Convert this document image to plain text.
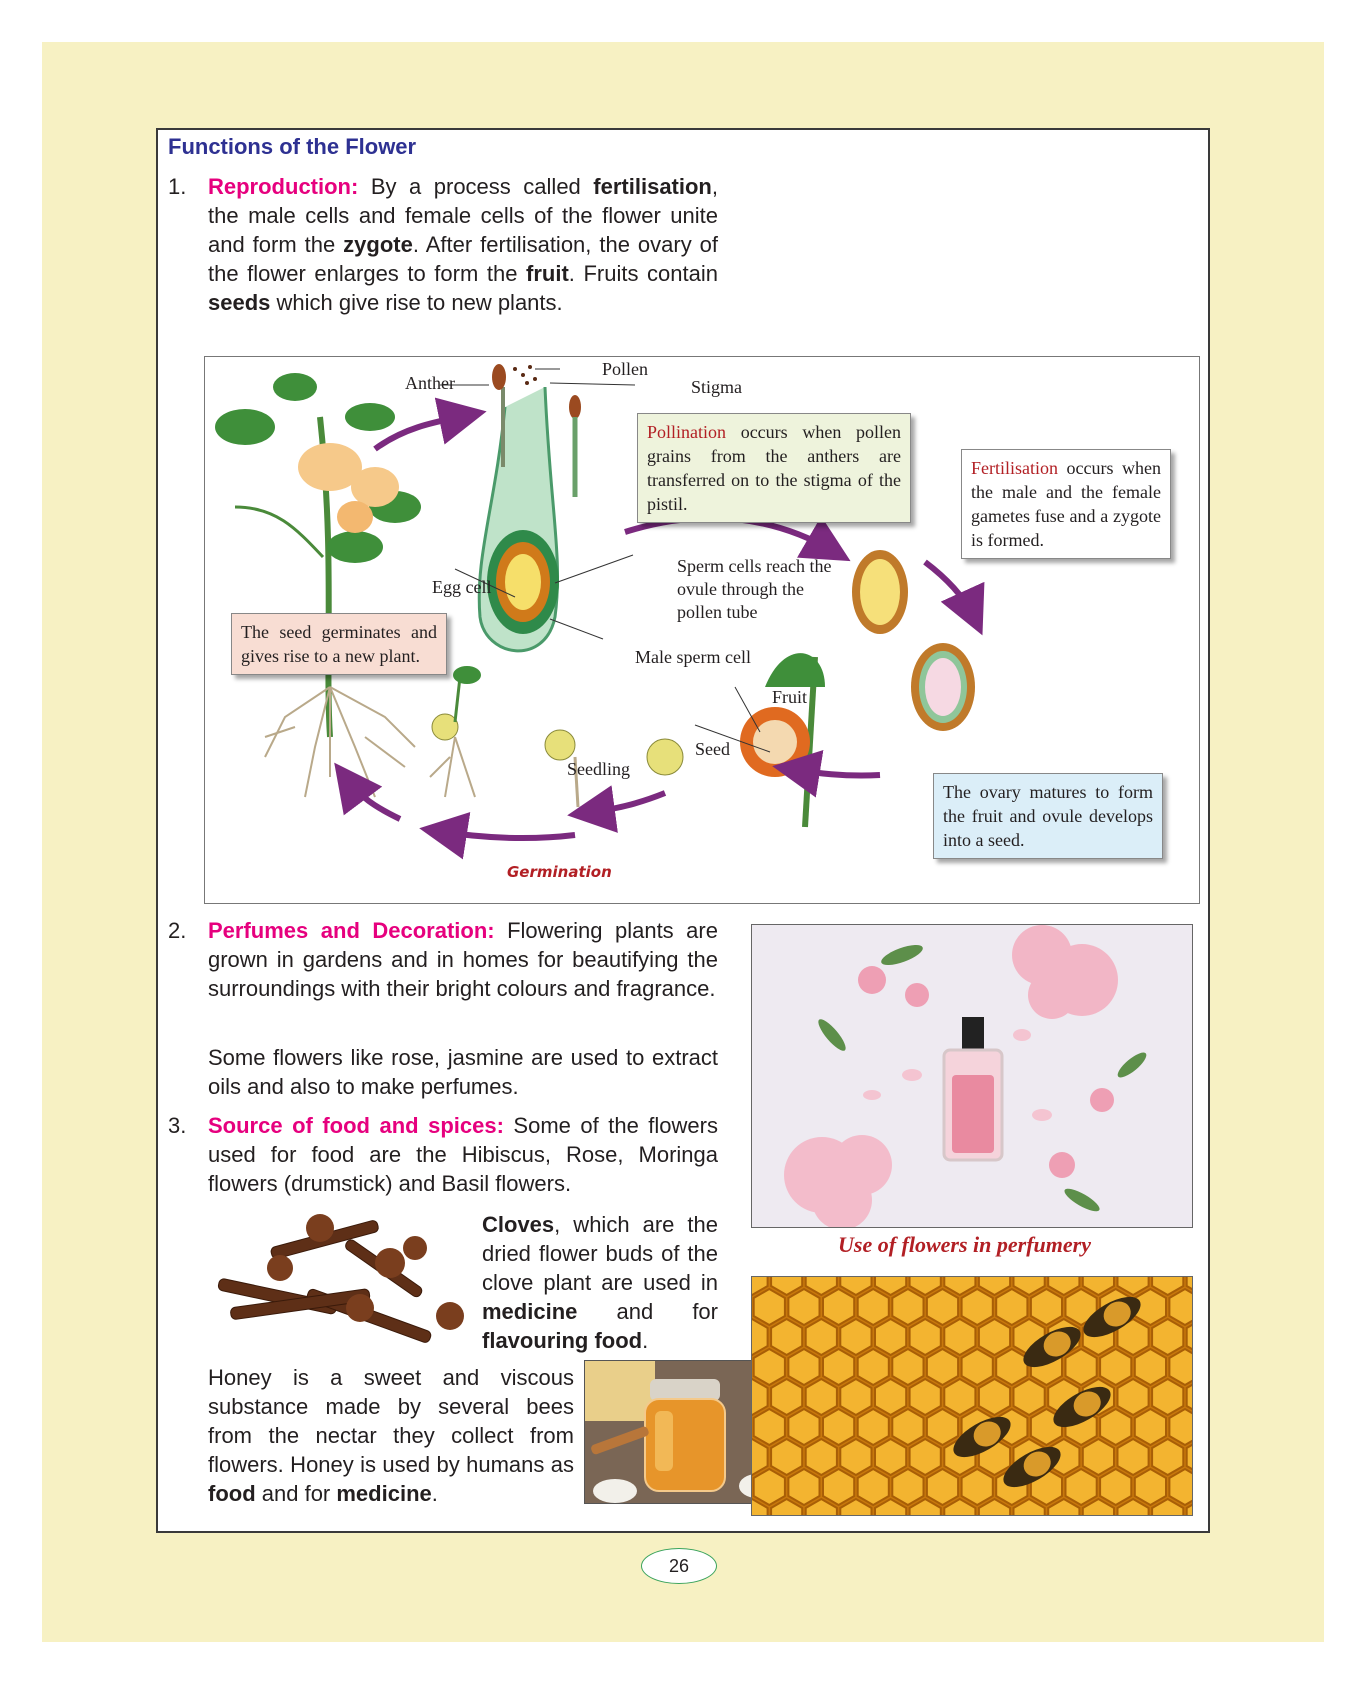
Functions of the Flower
1. Reproduction: By a process called fertilisation, the male cells and female cells of the flower unite and form the zygote. After fertilisation, the ovary of the flower enlarges to form the fruit. Fruits contain seeds which give rise to new plants.
Anther
Pollen
Stigma
Egg cell
Sperm cells reach the ovule through the pollen tube
Male sperm cell
Fruit
Seed
Seedling
Germination
Pollination occurs when pollen grains from the anthers are transferred on to the stigma of the pistil.
Fertilisation occurs when the male and the female gametes fuse and a zygote is formed.
The seed germinates and gives rise to a new plant.
The ovary matures to form the fruit and ovule develops into a seed.
2. Perfumes and Decoration: Flowering plants are grown in gardens and in homes for beautifying the surroundings with their bright colours and fragrance.
Some flowers like rose, jasmine are used to extract oils and also to make perfumes.
3. Source of food and spices: Some of the flowers used for food are the Hibiscus, Rose, Moringa flowers (drumstick) and Basil flowers.
Cloves, which are the dried flower buds of the clove plant are used in medicine and for flavouring food.
Honey is a sweet and viscous substance made by several bees from the nectar they collect from flowers. Honey is used by humans as food and for medicine.
Use of flowers in perfumery
26
